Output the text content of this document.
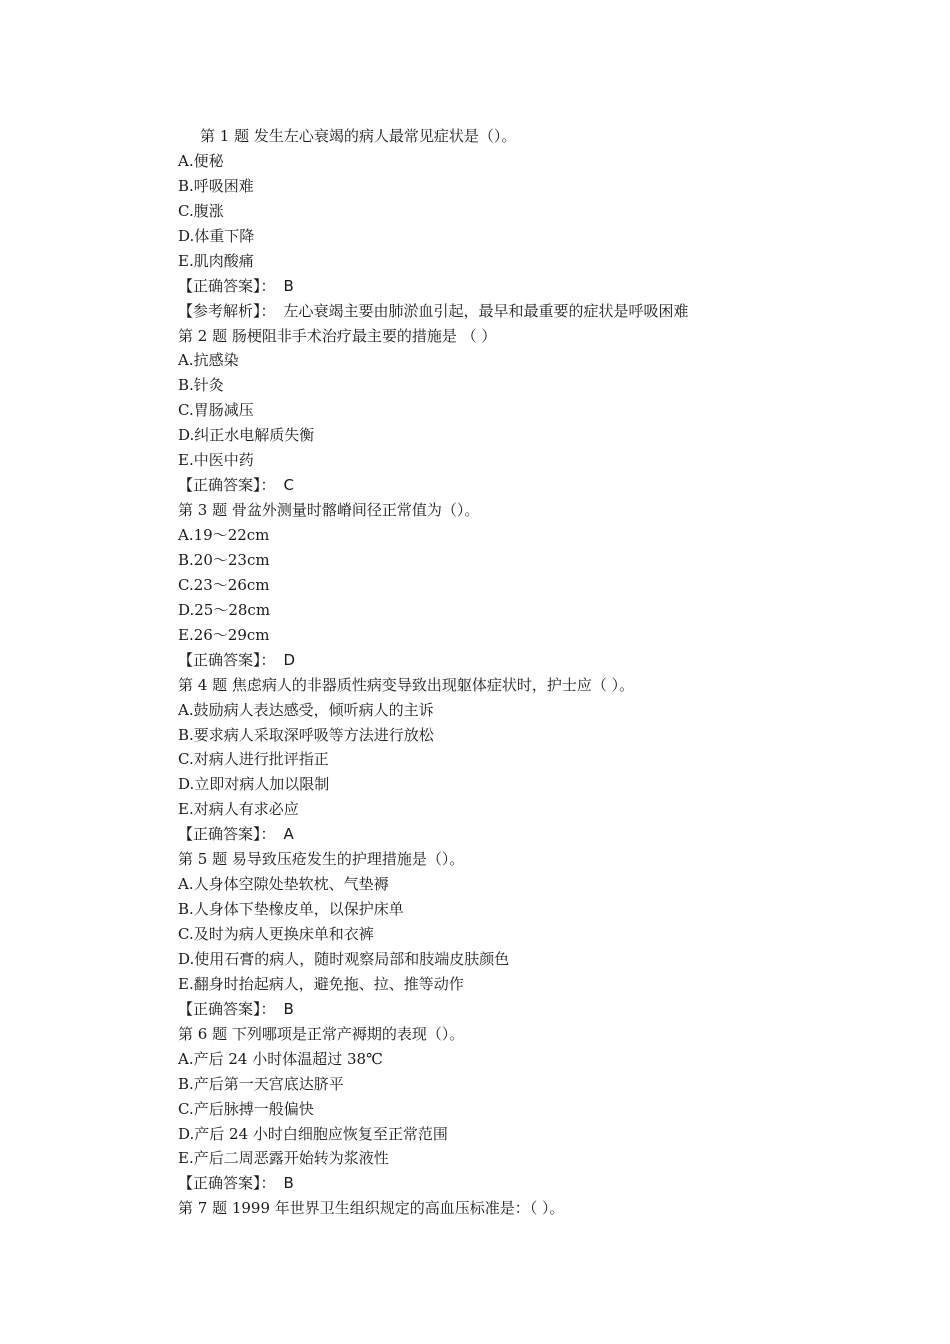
第 1 题 发生左心衰竭的病人最常见症状是（）。
A.便秘
B.呼吸困难
C.腹涨
D.体重下降
E.肌肉酸痛
【正确答案】： B
【参考解析】： 左心衰竭主要由肺淤血引起，最早和最重要的症状是呼吸困难
第 2 题 肠梗阻非手术治疗最主要的措施是 （ ）
A.抗感染
B.针灸
C.胃肠减压
D.纠正水电解质失衡
E.中医中药
【正确答案】： C
第 3 题 骨盆外测量时髂嵴间径正常值为（）。
A.19～22cm
B.20～23cm
C.23～26cm
D.25～28cm
E.26～29cm
【正确答案】： D
第 4 题 焦虑病人的非器质性病变导致出现躯体症状时，护士应（ ）。
A.鼓励病人表达感受，倾听病人的主诉
B.要求病人采取深呼吸等方法进行放松
C.对病人进行批评指正
D.立即对病人加以限制
E.对病人有求必应
【正确答案】： A
第 5 题 易导致压疮发生的护理措施是（）。
A.人身体空隙处垫软枕、气垫褥
B.人身体下垫橡皮单，以保护床单
C.及时为病人更换床单和衣裤
D.使用石膏的病人，随时观察局部和肢端皮肤颜色
E.翻身时抬起病人，避免拖、拉、推等动作
【正确答案】： B
第 6 题 下列哪项是正常产褥期的表现（）。
A.产后 24 小时体温超过 38℃
B.产后第一天宫底达脐平
C.产后脉搏一般偏快
D.产后 24 小时白细胞应恢复至正常范围
E.产后二周恶露开始转为浆液性
【正确答案】： B
第 7 题 1999 年世界卫生组织规定的高血压标准是：（ ）。
